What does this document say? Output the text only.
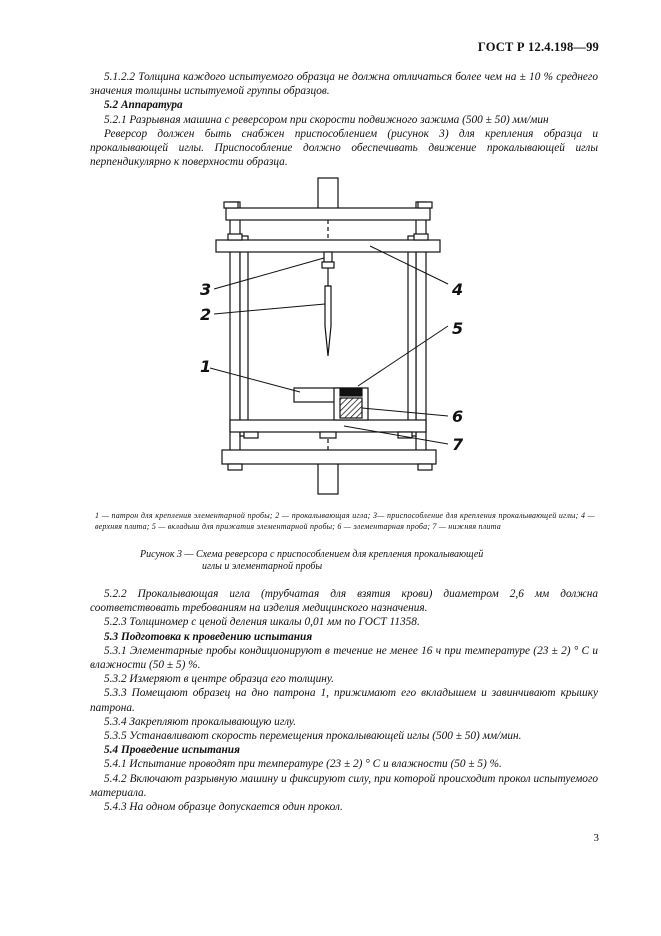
ГОСТ Р 12.4.198—99

5.1.2.2 Толщина каждого испытуемого образца не должна отличаться более чем на ± 10 % среднего значения толщины испытуемой группы образцов.

5.2 Аппаратура

5.2.1 Разрывная машина с реверсором при скорости подвижного зажима (500 ± 50) мм/мин

Реверсор должен быть снабжен приспособлением (рисунок 3) для крепления образца и прокалывающей иглы. Приспособление должно обеспечивать движение прокалывающей иглы перпендикулярно к поверхности образца.

3
2
1
4
5
6
7
1 — патрон для крепления элементарной пробы; 2 — прокалывающая игла; 3— приспособление для крепления прокалывающей иглы; 4 — верхняя плита; 5 — вкладыш для прижатия элементарной пробы; 6 — элементарная проба; 7 — нижняя плита
Рисунок 3 — Схема реверсора с приспособлением для крепления прокалывающей
иглы и элементарной пробы

5.2.2 Прокалывающая игла (трубчатая для взятия крови) диаметром 2,6 мм должна соответствовать требованиям на изделия медицинского назначения.

5.2.3 Толщиномер с ценой деления шкалы 0,01 мм по ГОСТ 11358.

5.3 Подготовка к проведению испытания

5.3.1 Элементарные пробы кондиционируют в течение не менее 16 ч при температуре (23 ± 2) ° С и влажности (50 ± 5) %.

5.3.2 Измеряют в центре образца его толщину.

5.3.3 Помещают образец на дно патрона 1, прижимают его вкладышем и завинчивают крышку патрона.

5.3.4 Закрепляют прокалывающую иглу.

5.3.5 Устанавливают скорость перемещения прокалывающей иглы (500 ± 50) мм/мин.

5.4 Проведение испытания

5.4.1 Испытание проводят при температуре (23 ± 2) ° С и влажности (50 ± 5) %.

5.4.2 Включают разрывную машину и фиксируют силу, при которой происходит прокол испытуемого материала.

5.4.3 На одном образце допускается один прокол.

3
